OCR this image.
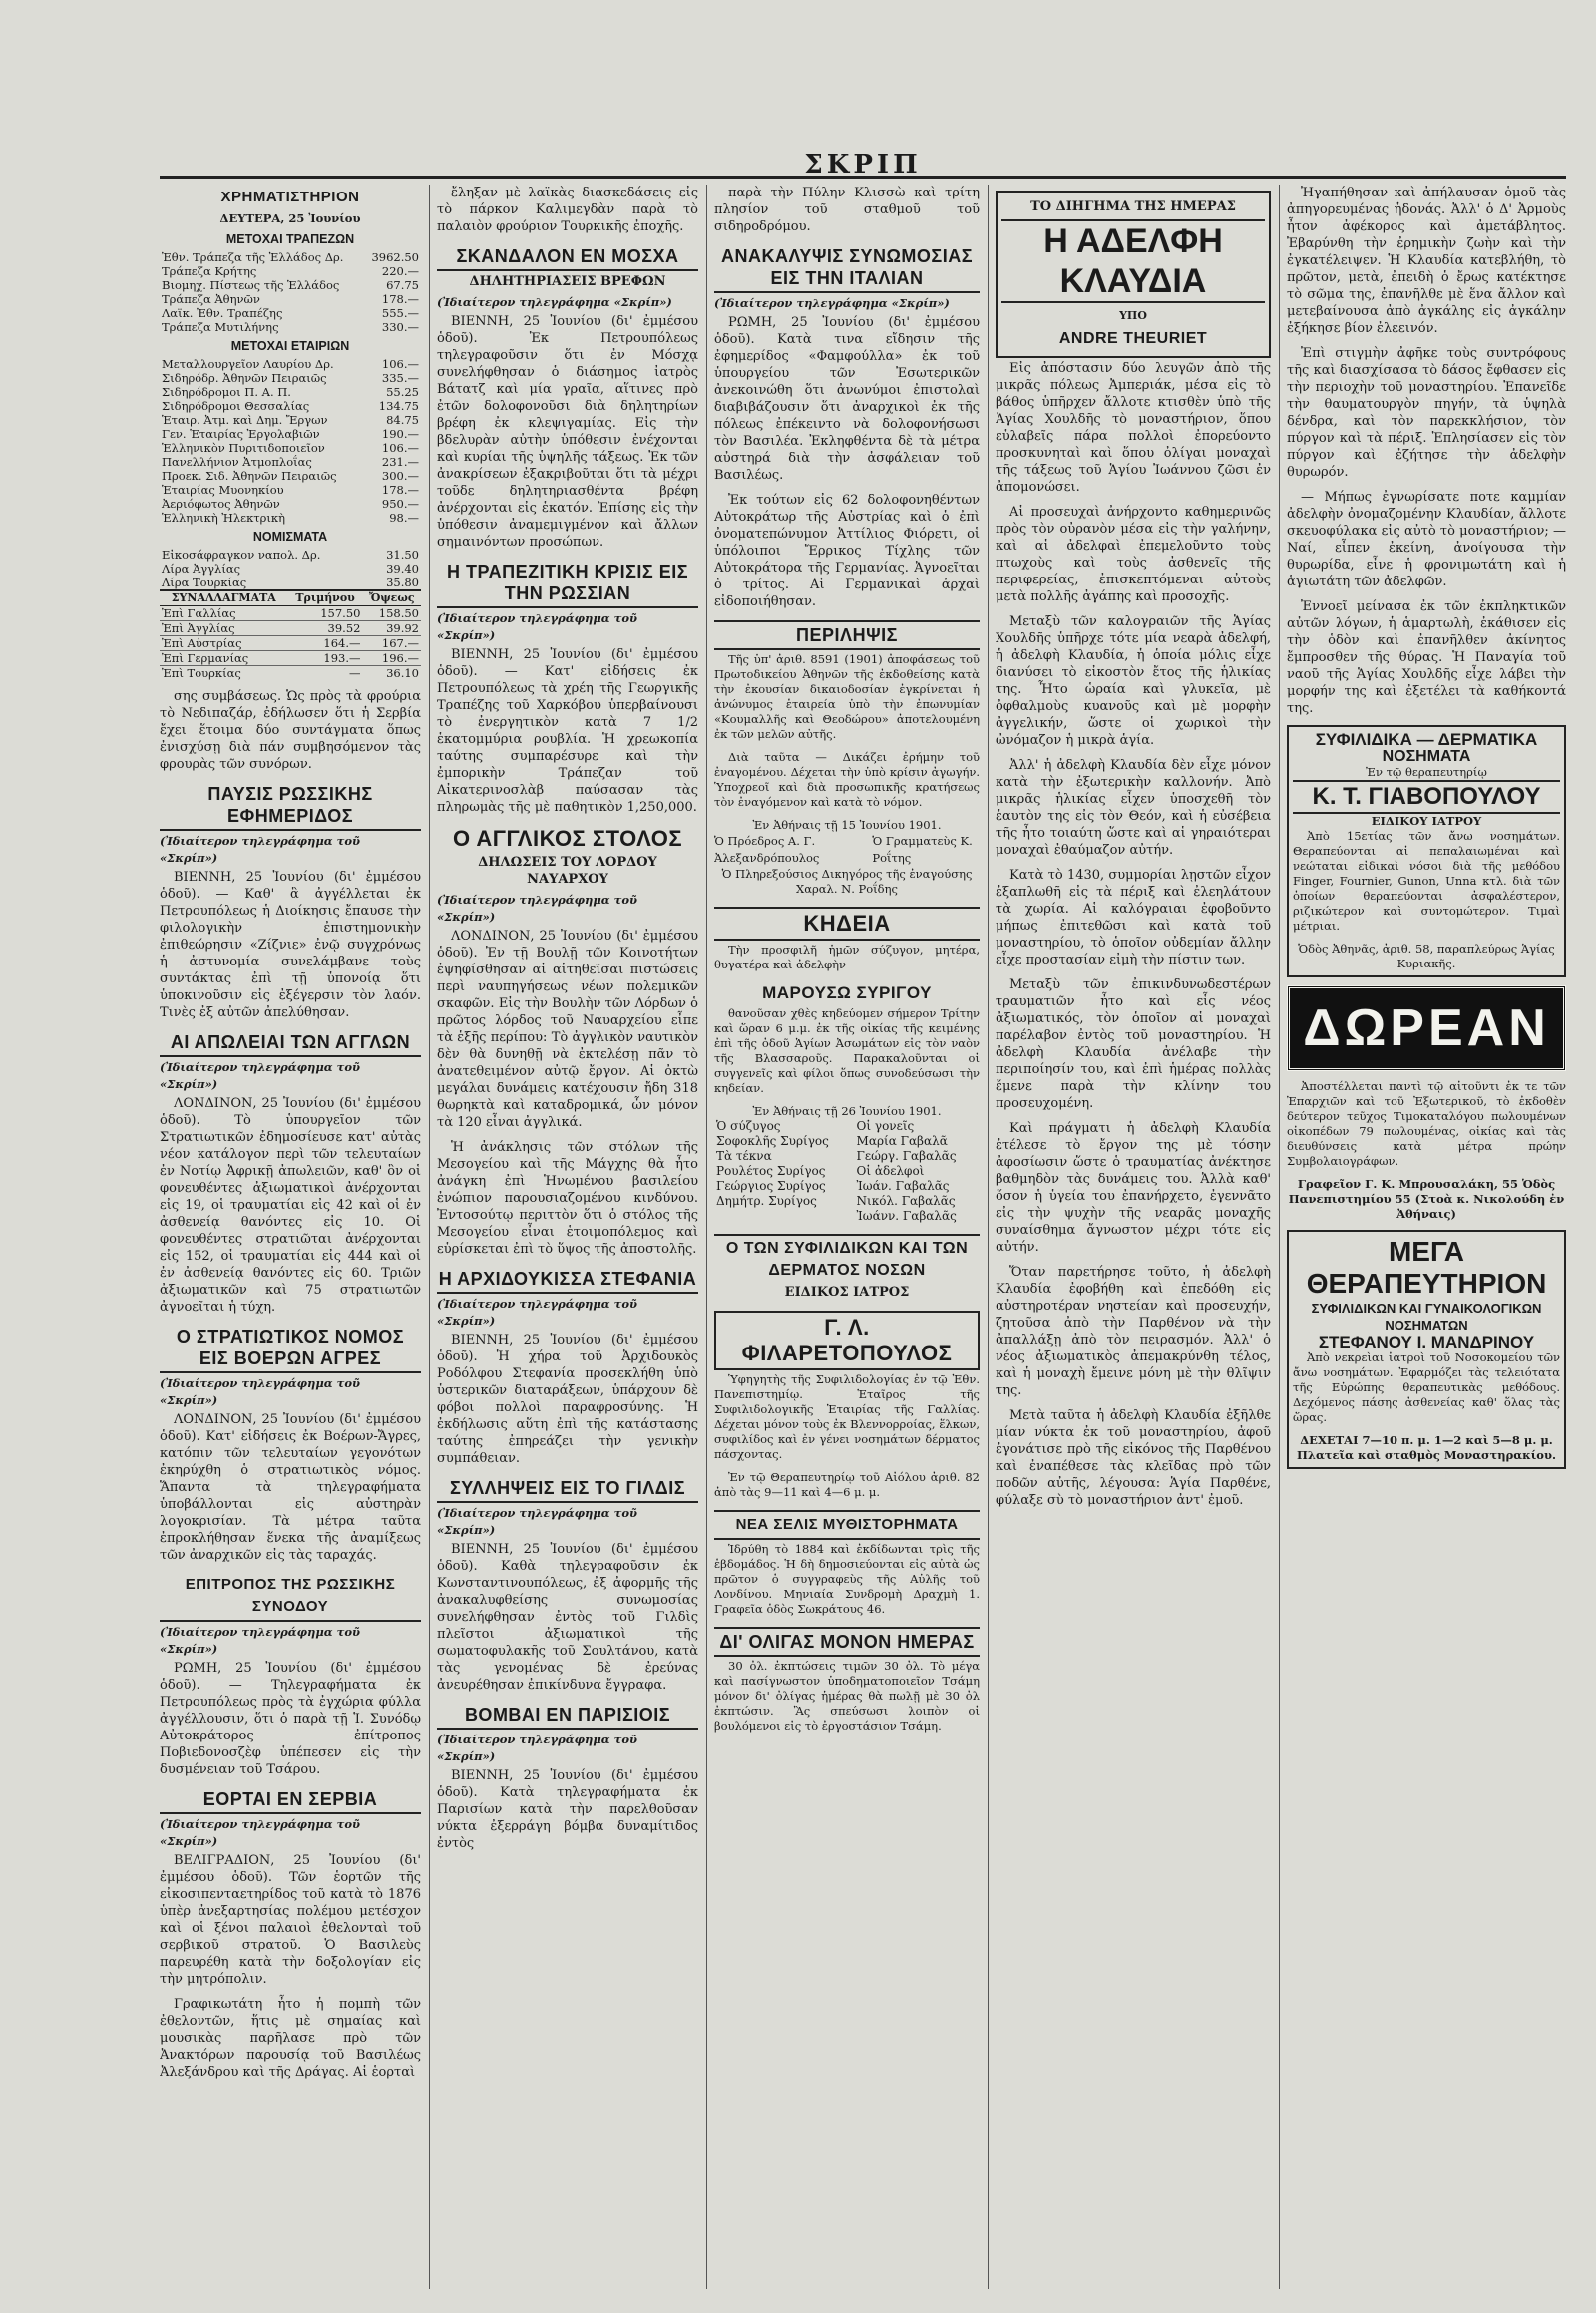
ΣΚΡΙΠ
ΧΡΗΜΑΤΙΣΤΗΡΙΟΝ
ΔΕΥΤΕΡΑ, 25 Ἰουνίου
ΜΕΤΟΧΑΙ ΤΡΑΠΕΖΩΝ
Ἐθν. Τράπεζα τῆς Ἑλλάδος Δρ.	3962.50
Τράπεζα Κρήτης	220.—
Βιομηχ. Πίστεως τῆς Ἑλλάδος	67.75
Τράπεζα Ἀθηνῶν	178.—
Λαϊκ. Ἐθν. Τραπέζης	555.—
Τράπεζα Μυτιλήνης	330.—
ΜΕΤΟΧΑΙ ΕΤΑΙΡΙΩΝ
Μεταλλουργεῖον Λαυρίου Δρ.	106.—
Σιδηρόδρ. Ἀθηνῶν Πειραιῶς	335.—
Σιδηρόδρομοι Π. Α. Π.	55.25
Σιδηρόδρομοι Θεσσαλίας	134.75
Ἑταιρ. Ἀτμ. καὶ Δημ. Ἔργων	84.75
Γεν. Ἑταιρίας Ἐργολαβιῶν	190.—
Ἑλληνικὸν Πυριτιδοποιεῖον	106.—
Πανελλήνιον Ἀτμοπλοΐας	231.—
Προεκ. Σιδ. Ἀθηνῶν Πειραιῶς	300.—
Ἑταιρίας Μυονηκίου	178.—
Ἀεριόφωτος Ἀθηνῶν	950.—
Ἑλληνικὴ Ἠλεκτρικὴ	98.—
ΝΟΜΙΣΜΑΤΑ
Εἰκοσάφραγκον ναπολ. Δρ.	31.50
Λίρα Ἀγγλίας	39.40
Λίρα Τουρκίας	35.80
ΣΥΝΑΛΛΑΓΜΑΤΑ	Τριμήνου	Ὄψεως
Ἐπὶ Γαλλίας	157.50	158.50
Ἐπὶ Ἀγγλίας	39.52	39.92
Ἐπὶ Αὐστρίας	164.—	167.—
Ἐπὶ Γερμανίας	193.—	196.—
Ἐπὶ Τουρκίας	—	36.10

σης συμβάσεως. Ὡς πρὸς τὰ φρούρια τὸ Νεδιπαζάρ, ἐδήλωσεν ὅτι ἡ Σερβία ἔχει ἕτοιμα δύο συντάγματα ὅπως ἐνισχύσῃ διὰ πάν συμβησόμενον τὰς φρουρὰς τῶν συνόρων.

ΠΑΥΣΙΣ ΡΩΣΣΙΚΗΣ ΕΦΗΜΕΡΙΔΟΣ
(Ἰδιαίτερον τηλεγράφημα τοῦ «Σκρίπ»)

ΒΙΕΝΝΗ, 25 Ἰουνίου (δι' ἐμμέσου ὁδοῦ). — Καθ' ἃ ἀγγέλλεται ἐκ Πετρουπόλεως ἡ Διοίκησις ἔπαυσε τὴν φιλολογικὴν ἐπιστημονικὴν ἐπιθεώρησιν «Ζίζνιε» ἐνῷ συγχρόνως ἡ ἀστυνομία συνελάμβανε τοὺς συντάκτας ἐπὶ τῇ ὑπονοίᾳ ὅτι ὑποκινοῦσιν εἰς ἐξέγερσιν τὸν λαόν. Τινὲς ἐξ αὐτῶν ἀπελύθησαν.

ΑΙ ΑΠΩΛΕΙΑΙ ΤΩΝ ΑΓΓΛΩΝ
(Ἰδιαίτερον τηλεγράφημα τοῦ «Σκρίπ»)

ΛΟΝΔΙΝΟΝ, 25 Ἰουνίου (δι' ἐμμέσου ὁδοῦ). Τὸ ὑπουργεῖον τῶν Στρατιωτικῶν ἐδημοσίευσε κατ' αὐτὰς νέον κατάλογον περὶ τῶν τελευταίων ἐν Νοτίῳ Ἀφρικῇ ἀπωλειῶν, καθ' ὃν οἱ φονευθέντες ἀξιωματικοὶ ἀνέρχονται εἰς 19, οἱ τραυματίαι εἰς 42 καὶ οἱ ἐν ἀσθενείᾳ θανόντες εἰς 10. Οἱ φονευθέντες στρατιῶται ἀνέρχονται εἰς 152, οἱ τραυματίαι εἰς 444 καὶ οἱ ἐν ἀσθενείᾳ θανόντες εἰς 60. Τριῶν ἀξιωματικῶν καὶ 75 στρατιωτῶν ἀγνοεῖται ἡ τύχη.

Ο ΣΤΡΑΤΙΩΤΙΚΟΣ ΝΟΜΟΣ ΕΙΣ ΒΟΕΡΩΝ ΑΓΡΕΣ
(Ἰδιαίτερον τηλεγράφημα τοῦ «Σκρίπ»)

ΛΟΝΔΙΝΟΝ, 25 Ἰουνίου (δι' ἐμμέσου ὁδοῦ). Κατ' εἰδήσεις ἐκ Βοέρων-Ἄγρες, κατόπιν τῶν τελευταίων γεγονότων ἐκηρύχθη ὁ στρατιωτικὸς νόμος. Ἅπαντα τὰ τηλεγραφήματα ὑποβάλλονται εἰς αὐστηρὰν λογοκρισίαν. Τὰ μέτρα ταῦτα ἐπροκλήθησαν ἕνεκα τῆς ἀναμίξεως τῶν ἀναρχικῶν εἰς τὰς ταραχάς.

ΕΠΙΤΡΟΠΟΣ ΤΗΣ ΡΩΣΣΙΚΗΣ ΣΥΝΟΔΟΥ
(Ἰδιαίτερον τηλεγράφημα τοῦ «Σκρίπ»)

ΡΩΜΗ, 25 Ἰουνίου (δι' ἐμμέσου ὁδοῦ). — Τηλεγραφήματα ἐκ Πετρουπόλεως πρὸς τὰ ἐγχώρια φύλλα ἀγγέλλουσιν, ὅτι ὁ παρὰ τῇ Ἱ. Συνόδῳ Αὐτοκράτορος ἐπίτροπος Ποβιεδονοσζὲφ ὑπέπεσεν εἰς τὴν δυσμένειαν τοῦ Τσάρου.

ΕΟΡΤΑΙ ΕΝ ΣΕΡΒΙΑ
(Ἰδιαίτερον τηλεγράφημα τοῦ «Σκρίπ»)

ΒΕΛΙΓΡΑΔΙΟΝ, 25 Ἰουνίου (δι' ἐμμέσου ὁδοῦ). Τῶν ἑορτῶν τῆς εἰκοσιπενταετηρίδος τοῦ κατὰ τὸ 1876 ὑπὲρ ἀνεξαρτησίας πολέμου μετέσχον καὶ οἱ ξένοι παλαιοὶ ἐθελονταὶ τοῦ σερβικοῦ στρατοῦ. Ὁ Βασιλεὺς παρευρέθη κατὰ τὴν δοξολογίαν εἰς τὴν μητρόπολιν.

Γραφικωτάτη ἦτο ἡ πομπὴ τῶν ἐθελοντῶν, ἥτις μὲ σημαίας καὶ μουσικὰς παρῆλασε πρὸ τῶν Ἀνακτόρων παρουσίᾳ τοῦ Βασιλέως Ἀλεξάνδρου καὶ τῆς Δράγας. Αἱ ἑορταὶ

ἔληξαν μὲ λαϊκὰς διασκεδάσεις εἰς τὸ πάρκον Καλιμεγδὰν παρὰ τὸ παλαιὸν φρούριον Τουρκικῆς ἐποχῆς.

ΣΚΑΝΔΑΛΟΝ ΕΝ ΜΟΣΧΑ
ΔΗΛΗΤΗΡΙΑΣΕΙΣ ΒΡΕΦΩΝ
(Ἰδιαίτερον τηλεγράφημα «Σκρίπ»)

ΒΙΕΝΝΗ, 25 Ἰουνίου (δι' ἐμμέσου ὁδοῦ). Ἐκ Πετρουπόλεως τηλεγραφοῦσιν ὅτι ἐν Μόσχᾳ συνελήφθησαν ὁ διάσημος ἰατρὸς Βάτατζ καὶ μία γραῖα, αἵτινες πρὸ ἐτῶν δολοφονοῦσι διὰ δηλητηρίων βρέφη ἐκ κλεψιγαμίας. Εἰς τὴν βδελυρὰν αὐτὴν ὑπόθεσιν ἐνέχονται καὶ κυρίαι τῆς ὑψηλῆς τάξεως. Ἐκ τῶν ἀνακρίσεων ἐξακριβοῦται ὅτι τὰ μέχρι τοῦδε δηλητηριασθέντα βρέφη ἀνέρχονται εἰς ἑκατόν. Ἐπίσης εἰς τὴν ὑπόθεσιν ἀναμεμιγμένον καὶ ἄλλων σημαινόντων προσώπων.

Η ΤΡΑΠΕΖΙΤΙΚΗ ΚΡΙΣΙΣ ΕΙΣ ΤΗΝ ΡΩΣΣΙΑΝ
(Ἰδιαίτερον τηλεγράφημα τοῦ «Σκρίπ»)

ΒΙΕΝΝΗ, 25 Ἰουνίου (δι' ἐμμέσου ὁδοῦ). — Κατ' εἰδήσεις ἐκ Πετρουπόλεως τὰ χρέη τῆς Γεωργικῆς Τραπέζης τοῦ Χαρκόβου ὑπερβαίνουσι τὸ ἐνεργητικὸν κατὰ 7 1/2 ἑκατομμύρια ρουβλία. Ἡ χρεωκοπία ταύτης συμπαρέσυρε καὶ τὴν ἐμπορικὴν Τράπεζαν τοῦ Αἰκατερινοσλὰβ παύσασαν τὰς πληρωμὰς τῆς μὲ παθητικὸν 1,250,000.

Ο ΑΓΓΛΙΚΟΣ ΣΤΟΛΟΣ
ΔΗΛΩΣΕΙΣ ΤΟΥ ΛΟΡΔΟΥ ΝΑΥΑΡΧΟΥ
(Ἰδιαίτερον τηλεγράφημα τοῦ «Σκρίπ»)

ΛΟΝΔΙΝΟΝ, 25 Ἰουνίου (δι' ἐμμέσου ὁδοῦ). Ἐν τῇ Βουλῇ τῶν Κοινοτήτων ἐψηφίσθησαν αἱ αἰτηθεῖσαι πιστώσεις περὶ ναυπηγήσεως νέων πολεμικῶν σκαφῶν. Εἰς τὴν Βουλὴν τῶν Λόρδων ὁ πρῶτος λόρδος τοῦ Ναυαρχείου εἶπε τὰ ἑξῆς περίπου: Τὸ ἀγγλικὸν ναυτικὸν δὲν θὰ δυνηθῇ νὰ ἐκτελέσῃ πᾶν τὸ ἀνατεθειμένον αὐτῷ ἔργον. Αἱ ὀκτὼ μεγάλαι δυνάμεις κατέχουσιν ἤδη 318 θωρηκτὰ καὶ καταδρομικά, ὧν μόνον τὰ 120 εἶναι ἀγγλικά.

Ἡ ἀνάκλησις τῶν στόλων τῆς Μεσογείου καὶ τῆς Μάγχης θὰ ἦτο ἀνάγκη ἐπὶ Ἡνωμένου βασιλείου ἐνώπιον παρουσιαζομένου κινδύνου. Ἐντοσούτῳ περιττὸν ὅτι ὁ στόλος τῆς Μεσογείου εἶναι ἑτοιμοπόλεμος καὶ εὑρίσκεται ἐπὶ τὸ ὕψος τῆς ἀποστολῆς.

Η ΑΡΧΙΔΟΥΚΙΣΣΑ ΣΤΕΦΑΝΙΑ
(Ἰδιαίτερον τηλεγράφημα τοῦ «Σκρίπ»)

ΒΙΕΝΝΗ, 25 Ἰουνίου (δι' ἐμμέσου ὁδοῦ). Ἡ χήρα τοῦ Ἀρχιδουκὸς Ροδόλφου Στεφανία προσεκλήθη ὑπὸ ὑστερικῶν διαταράξεων, ὑπάρχουν δὲ φόβοι πολλοὶ παραφροσύνης. Ἡ ἐκδήλωσις αὕτη ἐπὶ τῆς κατάστασης ταύτης ἐπηρεάζει τὴν γενικὴν συμπάθειαν.

ΣΥΛΛΗΨΕΙΣ ΕΙΣ ΤΟ ΓΙΛΔΙΣ
(Ἰδιαίτερον τηλεγράφημα τοῦ «Σκρίπ»)

ΒΙΕΝΝΗ, 25 Ἰουνίου (δι' ἐμμέσου ὁδοῦ). Καθὰ τηλεγραφοῦσιν ἐκ Κωνσταντινουπόλεως, ἐξ ἀφορμῆς τῆς ἀνακαλυφθείσης συνωμοσίας συνελήφθησαν ἐντὸς τοῦ Γιλδὶς πλεῖστοι ἀξιωματικοὶ τῆς σωματοφυλακῆς τοῦ Σουλτάνου, κατὰ τὰς γενομένας δὲ ἐρεύνας ἀνευρέθησαν ἐπικίνδυνα ἔγγραφα.

ΒΟΜΒΑΙ ΕΝ ΠΑΡΙΣΙΟΙΣ
(Ἰδιαίτερον τηλεγράφημα τοῦ «Σκρίπ»)

ΒΙΕΝΝΗ, 25 Ἰουνίου (δι' ἐμμέσου ὁδοῦ). Κατὰ τηλεγραφήματα ἐκ Παρισίων κατὰ τὴν παρελθοῦσαν νύκτα ἐξερράγη βόμβα δυναμίτιδος ἐντὸς

παρὰ τὴν Πύλην Κλισσὼ καὶ τρίτη πλησίον τοῦ σταθμοῦ τοῦ σιδηροδρόμου.

ΑΝΑΚΑΛΥΨΙΣ ΣΥΝΩΜΟΣΙΑΣ ΕΙΣ ΤΗΝ ΙΤΑΛΙΑΝ
(Ἰδιαίτερον τηλεγράφημα «Σκρίπ»)

ΡΩΜΗ, 25 Ἰουνίου (δι' ἐμμέσου ὁδοῦ). Κατὰ τινα εἴδησιν τῆς ἐφημερίδος «Φαμφούλλα» ἐκ τοῦ ὑπουργείου τῶν Ἐσωτερικῶν ἀνεκοινώθη ὅτι ἀνωνύμοι ἐπιστολαὶ διαβιβάζουσιν ὅτι ἀναρχικοὶ ἐκ τῆς πόλεως ἐπέκειντο νὰ δολοφονήσωσι τὸν Βασιλέα. Ἐκληφθέντα δὲ τὰ μέτρα αὐστηρά διὰ τὴν ἀσφάλειαν τοῦ Βασιλέως.

Ἐκ τούτων εἰς 62 δολοφονηθέντων Αὐτοκράτωρ τῆς Αὐστρίας καὶ ὁ ἐπὶ ὀνοματεπώνυμον Ἀττίλιος Φιόρετι, οἱ ὑπόλοιποι Ἔρρικος Τίχλης τῶν Αὐτοκράτορα τῆς Γερμανίας. Ἀγνοεῖται ὁ τρίτος. Αἱ Γερμανικαὶ ἀρχαὶ εἰδοποιήθησαν.

ΠΕΡΙΛΗΨΙΣ

Τῆς ὑπ' ἀριθ. 8591 (1901) ἀποφάσεως τοῦ Πρωτοδικείου Ἀθηνῶν τῆς ἐκδοθείσης κατὰ τὴν ἐκουσίαν δικαιοδοσίαν ἐγκρίνεται ἡ ἀνώνυμος ἑταιρεία ὑπὸ τὴν ἐπωνυμίαν «Κουμαλλῆς καὶ Θεοδώρου» ἀποτελουμένη ἐκ τῶν μελῶν αὐτῆς.

Διὰ ταῦτα — Δικάζει ἐρήμην τοῦ ἐναγομένου. Δέχεται τὴν ὑπὸ κρίσιν ἀγωγήν. Ὑποχρεοῖ καὶ διὰ προσωπικῆς κρατήσεως τὸν ἐναγόμενον καὶ κατὰ τὸ νόμον.

Ἐν Ἀθήναις τῇ 15 Ἰουνίου 1901.
Ὁ Πρόεδρος Α. Γ. Ἀλεξανδρόπουλος
Ὁ Γραμματεὺς Κ. Ροΐτης
Ὁ Πληρεξούσιος Δικηγόρος τῆς ἐναγούσης Χαραλ. Ν. Ροΐδης
ΚΗΔΕΙΑ

Τὴν προσφιλῆ ἡμῶν σύζυγον, μητέρα, θυγατέρα καὶ ἀδελφὴν

ΜΑΡΟΥΣΩ ΣΥΡΙΓΟΥ

θανοῦσαν χθὲς κηδεύομεν σήμερον Τρίτην καὶ ὥραν 6 μ.μ. ἐκ τῆς οἰκίας τῆς κειμένης ἐπὶ τῆς ὁδοῦ Ἁγίων Ἀσωμάτων εἰς τὸν ναὸν τῆς Βλασσαροῦς. Παρακαλοῦνται οἱ συγγενεῖς καὶ φίλοι ὅπως συνοδεύσωσι τὴν κηδείαν.

Ἐν Ἀθήναις τῇ 26 Ἰουνίου 1901.
Ὁ σύζυγος	Οἱ γονεῖς
Σοφοκλῆς Συρίγος	Μαρία Γαβαλᾶ
Τὰ τέκνα	Γεώργ. Γαβαλᾶς
Ρουλέτος Συρίγος	Οἱ ἀδελφοὶ
Γεώργιος Συρίγος	Ἰωάν. Γαβαλᾶς
Δημήτρ. Συρίγος	Νικόλ. Γαβαλᾶς
	Ἰωάνν. Γαβαλᾶς
Ο ΤΩΝ ΣΥΦΙΛΙΔΙΚΩΝ ΚΑΙ ΤΩΝ ΔΕΡΜΑΤΟΣ ΝΟΣΩΝ
ΕΙΔΙΚΟΣ ΙΑΤΡΟΣ
Γ. Λ. ΦΙΛΑΡΕΤΟΠΟΥΛΟΣ

Ὑφηγητὴς τῆς Συφιλιδολογίας ἐν τῷ Ἐθν. Πανεπιστημίῳ. Ἑταῖρος τῆς Συφιλιδολογικῆς Ἑταιρίας τῆς Γαλλίας. Δέχεται μόνον τοὺς ἐκ Βλεννορροίας, ἕλκων, συφιλίδος καὶ ἐν γένει νοσημάτων δέρματος πάσχοντας.

Ἐν τῷ Θεραπευτηρίῳ τοῦ Αἰόλου ἀριθ. 82 ἀπὸ τὰς 9—11 καὶ 4—6 μ. μ.

ΝΕΑ ΣΕΛΙΣ ΜΥΘΙΣΤΟΡΗΜΑΤΑ

Ἱδρύθη τὸ 1884 καὶ ἐκδίδωνται τρὶς τῆς ἑβδομάδος. Ἡ δὴ δημοσιεύονται εἰς αὐτὰ ὡς πρῶτον ὁ συγγραφεὺς τῆς Αὐλῆς τοῦ Λονδίνου. Μηνιαία Συνδρομὴ Δραχμὴ 1. Γραφεῖα ὁδὸς Σωκράτους 46.

ΔΙ' ΟΛΙΓΑΣ ΜΟΝΟΝ ΗΜΕΡΑΣ

30 ὀλ. ἐκπτώσεις τιμῶν 30 ὀλ. Τὸ μέγα καὶ πασίγνωστον ὑποδηματοποιεῖον Τσάμη μόνον δι' ὀλίγας ἡμέρας θὰ πωλῇ μὲ 30 ὀλ ἐκπτώσιν. Ἂς σπεύσωσι λοιπὸν οἱ βουλόμενοι εἰς τὸ ἐργοστάσιον Τσάμη.

ΤΟ ΔΙΗΓΗΜΑ ΤΗΣ ΗΜΕΡΑΣ
Η ΑΔΕΛΦΗ ΚΛΑΥΔΙΑ
ΥΠΟ
ANDRE THEURIET

Εἰς ἀπόστασιν δύο λευγῶν ἀπὸ τῆς μικρᾶς πόλεως Ἀμπεριάκ, μέσα εἰς τὸ βάθος ὑπῆρχεν ἄλλοτε κτισθὲν ὑπὸ τῆς Ἁγίας Χουλδῆς τὸ μοναστήριον, ὅπου εὑλαβεῖς πάρα πολλοὶ ἐπορεύοντο προσκυνηταὶ καὶ ὅπου ὀλίγαι μοναχαὶ τῆς τάξεως τοῦ Ἁγίου Ἰωάννου ζῶσι ἐν ἀπομονώσει.

Αἱ προσευχαὶ ἀνήρχοντο καθημερινῶς πρὸς τὸν οὐρανὸν μέσα εἰς τὴν γαλήνην, καὶ αἱ ἀδελφαὶ ἐπεμελοῦντο τοὺς πτωχοὺς καὶ τοὺς ἀσθενεῖς τῆς περιφερείας, ἐπισκεπτόμεναι αὐτοὺς μετὰ πολλῆς ἀγάπης καὶ προσοχῆς.

Μεταξὺ τῶν καλογραιῶν τῆς Ἁγίας Χουλδῆς ὑπῆρχε τότε μία νεαρὰ ἀδελφή, ἡ ἀδελφὴ Κλαυδία, ἡ ὁποία μόλις εἶχε διανύσει τὸ εἰκοστὸν ἔτος τῆς ἡλικίας της. Ἦτο ὡραία καὶ γλυκεῖα, μὲ ὀφθαλμοὺς κυανοῦς καὶ μὲ μορφὴν ἀγγελικήν, ὥστε οἱ χωρικοὶ τὴν ὠνόμαζον ἡ μικρὰ ἁγία.

Ἀλλ' ἡ ἀδελφὴ Κλαυδία δὲν εἶχε μόνον κατὰ τὴν ἐξωτερικὴν καλλονήν. Ἀπὸ μικρᾶς ἡλικίας εἶχεν ὑποσχεθῆ τὸν ἑαυτὸν της εἰς τὸν Θεόν, καὶ ἡ εὐσέβεια τῆς ἦτο τοιαύτη ὥστε καὶ αἱ γηραιότεραι μοναχαὶ ἐθαύμαζον αὐτήν.

Κατὰ τὸ 1430, συμμορίαι λῃστῶν εἶχον ἐξαπλωθῆ εἰς τὰ πέριξ καὶ ἐλεηλάτουν τὰ χωρία. Αἱ καλόγραιαι ἐφοβοῦντο μήπως ἐπιτεθῶσι καὶ κατὰ τοῦ μοναστηρίου, τὸ ὁποῖον οὐδεμίαν ἄλλην εἶχε προστασίαν εἰμὴ τὴν πίστιν των.

Μεταξὺ τῶν ἐπικινδυνωδεστέρων τραυματιῶν ἦτο καὶ εἷς νέος ἀξιωματικός, τὸν ὁποῖον αἱ μοναχαὶ παρέλαβον ἐντὸς τοῦ μοναστηρίου. Ἡ ἀδελφὴ Κλαυδία ἀνέλαβε τὴν περιποίησίν του, καὶ ἐπὶ ἡμέρας πολλὰς ἔμενε παρὰ τὴν κλίνην του προσευχομένη.

Καὶ πράγματι ἡ ἀδελφὴ Κλαυδία ἐτέλεσε τὸ ἔργον της μὲ τόσην ἀφοσίωσιν ὥστε ὁ τραυματίας ἀνέκτησε βαθμηδὸν τὰς δυνάμεις του. Ἀλλὰ καθ' ὅσον ἡ ὑγεία του ἐπανήρχετο, ἐγεννᾶτο εἰς τὴν ψυχὴν τῆς νεαρᾶς μοναχῆς συναίσθημα ἄγνωστον μέχρι τότε εἰς αὐτήν.

Ὅταν παρετήρησε τοῦτο, ἡ ἀδελφὴ Κλαυδία ἐφοβήθη καὶ ἐπεδόθη εἰς αὐστηροτέραν νηστείαν καὶ προσευχήν, ζητοῦσα ἀπὸ τὴν Παρθένον νὰ τὴν ἀπαλλάξῃ ἀπὸ τὸν πειρασμόν. Ἀλλ' ὁ νέος ἀξιωματικὸς ἀπεμακρύνθη τέλος, καὶ ἡ μοναχὴ ἔμεινε μόνη μὲ τὴν θλῖψιν της.

Μετὰ ταῦτα ἡ ἀδελφὴ Κλαυδία ἐξῆλθε μίαν νύκτα ἐκ τοῦ μοναστηρίου, ἀφοῦ ἐγονάτισε πρὸ τῆς εἰκόνος τῆς Παρθένου καὶ ἐναπέθεσε τὰς κλεῖδας πρὸ τῶν ποδῶν αὐτῆς, λέγουσα: Ἁγία Παρθένε, φύλαξε σὺ τὸ μοναστήριον ἀντ' ἐμοῦ.

Ἠγαπήθησαν καὶ ἀπήλαυσαν ὁμοῦ τὰς ἀπηγορευμένας ἡδονάς. Ἀλλ' ὁ Δ' Ἀρμοὺς ἦτον ἀφέκορος καὶ ἀμετάβλητος. Ἐβαρύνθη τὴν ἐρημικὴν ζωὴν καὶ τὴν ἐγκατέλειψεν. Ἡ Κλαυδία κατεβλήθη, τὸ πρῶτον, μετὰ, ἐπειδὴ ὁ ἔρως κατέκτησε τὸ σῶμα της, ἐπανῆλθε μὲ ἕνα ἄλλον καὶ μετεβαίνουσα ἀπὸ ἀγκάλης εἰς ἀγκάλην ἐξήκησε βίον ἐλεεινόν.

Ἐπὶ στιγμὴν ἀφῆκε τοὺς συντρόφους τῆς καὶ διασχίσασα τὸ δάσος ἔφθασεν εἰς τὴν περιοχὴν τοῦ μοναστηρίου. Ἐπανεῖδε τὴν θαυματουργὸν πηγήν, τὰ ὑψηλὰ δένδρα, καὶ τὸν παρεκκλήσιον, τὸν πύργον καὶ τὰ πέριξ. Ἐπλησίασεν εἰς τὸν πύργον καὶ ἐζήτησε τὴν ἀδελφὴν θυρωρόν.

— Μήπως ἐγνωρίσατε ποτε καμμίαν ἀδελφὴν ὀνομαζομένην Κλαυδίαν, ἄλλοτε σκευοφύλακα εἰς αὐτὸ τὸ μοναστήριον; — Ναί, εἶπεν ἐκείνη, ἀνοίγουσα τὴν θυρωρίδα, εἶνε ἡ φρονιμωτάτη καὶ ἡ ἁγιωτάτη τῶν ἀδελφῶν.

Ἐννοεῖ μείνασα ἐκ τῶν ἐκπληκτικῶν αὐτῶν λόγων, ἡ ἁμαρτωλὴ, ἐκάθισεν εἰς τὴν ὁδὸν καὶ ἐπανῆλθεν ἀκίνητος ἔμπροσθεν τῆς θύρας. Ἡ Παναγία τοῦ ναοῦ τῆς Ἁγίας Χουλδῆς εἶχε λάβει τὴν μορφήν της καὶ ἐξετέλει τὰ καθήκοντά της.

ΣΥΦΙΛΙΔΙΚΑ — ΔΕΡΜΑΤΙΚΑ
ΝΟΣΗΜΑΤΑ
Ἐν τῷ θεραπευτηρίῳ
Κ. Τ. ΓΙΑΒΟΠΟΥΛΟΥ
ΕΙΔΙΚΟΥ ΙΑΤΡΟΥ

Ἀπὸ 15ετίας τῶν ἄνω νοσημάτων. Θεραπεύονται αἱ πεπαλαιωμέναι καὶ νεώταται εἰδικαὶ νόσοι διὰ τῆς μεθόδου Finger, Fournier, Gunon, Unna κτλ. διὰ τῶν ὁποίων θεραπεύονται ἀσφαλέστερον, ριζικώτερον καὶ συντομώτερον. Τιμαὶ μέτριαι.

Ὁδὸς Ἀθηνᾶς, ἀριθ. 58, παραπλεύρως Ἁγίας Κυριακῆς.
ΔΩΡΕΑΝ

Ἀποστέλλεται παντὶ τῷ αἰτοῦντι ἐκ τε τῶν Ἐπαρχιῶν καὶ τοῦ Ἐξωτερικοῦ, τὸ ἐκδοθὲν δεύτερον τεῦχος Τιμοκαταλόγου πωλουμένων οἰκοπέδων 79 πωλουμένας, οἰκίας καὶ τὰς διευθύνσεις κατὰ μέτρα πρώην Συμβολαιογράφων.

Γραφεῖον Γ. Κ. Μπρουσαλάκη, 55 Ὁδὸς Πανεπιστημίου 55 (Στοὰ κ. Νικολούδη ἐν Ἀθήναις)
ΜΕΓΑ ΘΕΡΑΠΕΥΤΗΡΙΟΝ
ΣΥΦΙΛΙΔΙΚΩΝ ΚΑΙ ΓΥΝΑΙΚΟΛΟΓΙΚΩΝ ΝΟΣΗΜΑΤΩΝ
ΣΤΕΦΑΝΟΥ Ι. ΜΑΝΔΡΙΝΟΥ

Ἀπὸ νεκρεὶαι ἰατροὶ τοῦ Νοσοκομείου τῶν ἄνω νοσημάτων. Ἐφαρμόζει τὰς τελειότατα τῆς Εὐρώπης θεραπευτικὰς μεθόδους. Δεχόμενος πάσης ἀσθενείας καθ' ὅλας τὰς ὥρας.

ΔΕΧΕΤΑΙ 7—10 π. μ. 1—2 καὶ 5—8 μ. μ.
Πλατεῖα καὶ σταθμὸς Μοναστηρακίου.
